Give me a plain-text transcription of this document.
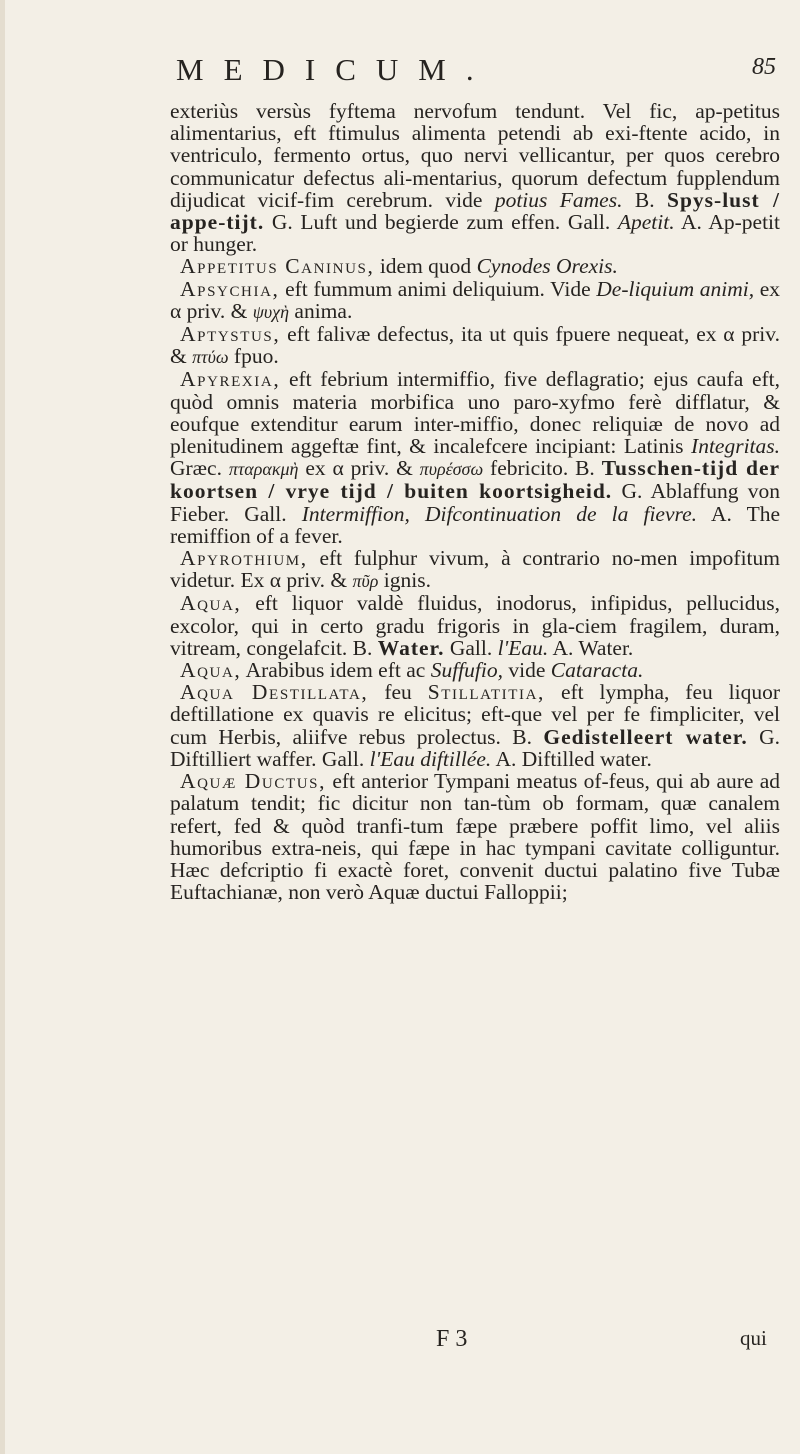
MEDICUM.	85

exteriùs versùs fyftema nervofum tendunt. Vel fic, ap-petitus alimentarius, eft ftimulus alimenta petendi ab exi-ftente acido, in ventriculo, fermento ortus, quo nervi vellicantur, per quos cerebro communicatur defectus ali-mentarius, quorum defectum fupplendum dijudicat vicif-fim cerebrum. vide potius Fames. B. Spys-lust / appe-tijt. G. Luft und begierde zum effen. Gall. Apetit. A. Ap-petit or hunger.

Appetitus Caninus, idem quod Cynodes Orexis.

Apsychia, eft fummum animi deliquium. Vide De-liquium animi, ex α priv. & ψυχὴ anima.

Aptystus, eft falivæ defectus, ita ut quis fpuere nequeat, ex α priv. & πτύω fpuo.

Apyrexia, eft febrium intermiffio, five deflagratio; ejus caufa eft, quòd omnis materia morbifica uno paro-xyfmo ferè difflatur, & eoufque extenditur earum inter-miffio, donec reliquiæ de novo ad plenitudinem aggeftæ fint, & incalefcere incipiant: Latinis Integritas. Græc. πταρακμὴ ex α priv. & πυρέσσω febricito. B. Tusschen-tijd der koortsen / vrye tijd / buiten koortsigheid. G. Ablaffung von Fieber. Gall. Intermiffion, Difcontinuation de la fievre. A. The remiffion of a fever.

Apyrothium, eft fulphur vivum, à contrario no-men impofitum videtur. Ex α priv. & πῦρ ignis.

Aqua, eft liquor valdè fluidus, inodorus, infipidus, pellucidus, excolor, qui in certo gradu frigoris in gla-ciem fragilem, duram, vitream, congelafcit. B. Water. Gall. l'Eau. A. Water.

Aqua, Arabibus idem eft ac Suffufio, vide Cataracta.

Aqua Destillata, feu Stillatitia, eft lympha, feu liquor deftillatione ex quavis re elicitus; eft-que vel per fe fimpliciter, vel cum Herbis, aliifve rebus prolectus. B. Gedistelleert water. G. Diftilliert waffer. Gall. l'Eau diftillée. A. Diftilled water.

Aquæ Ductus, eft anterior Tympani meatus of-feus, qui ab aure ad palatum tendit; fic dicitur non tan-tùm ob formam, quæ canalem refert, fed & quòd tranfi-tum fæpe præbere poffit limo, vel aliis humoribus extra-neis, qui fæpe in hac tympani cavitate colliguntur. Hæc defcriptio fi exactè foret, convenit ductui palatino five Tubæ Euftachianæ, non verò Aquæ ductui Falloppii;

F 3	qui
